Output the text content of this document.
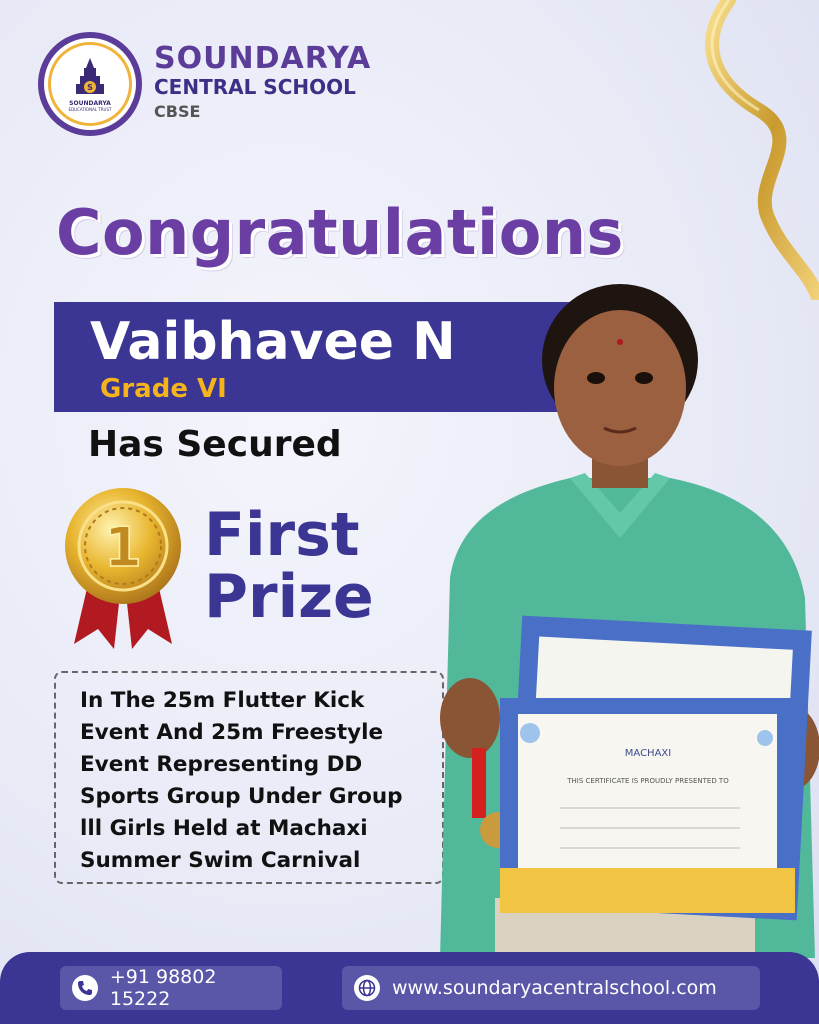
S
SOUNDARYA
EDUCATIONAL TRUST
SOUNDARYA
CENTRAL SCHOOL
CBSE
Congratulations
Vaibhavee N
Grade VI
Has Secured
1 First
Prize
In The 25m Flutter Kick
Event And 25m Freestyle
Event Representing DD
Sports Group Under Group
lll Girls Held at Machaxi
Summer Swim Carnival
MACHAXI
THIS CERTIFICATE IS PROUDLY PRESENTED TO
+91 98802 15222	www.soundaryacentralschool.com
